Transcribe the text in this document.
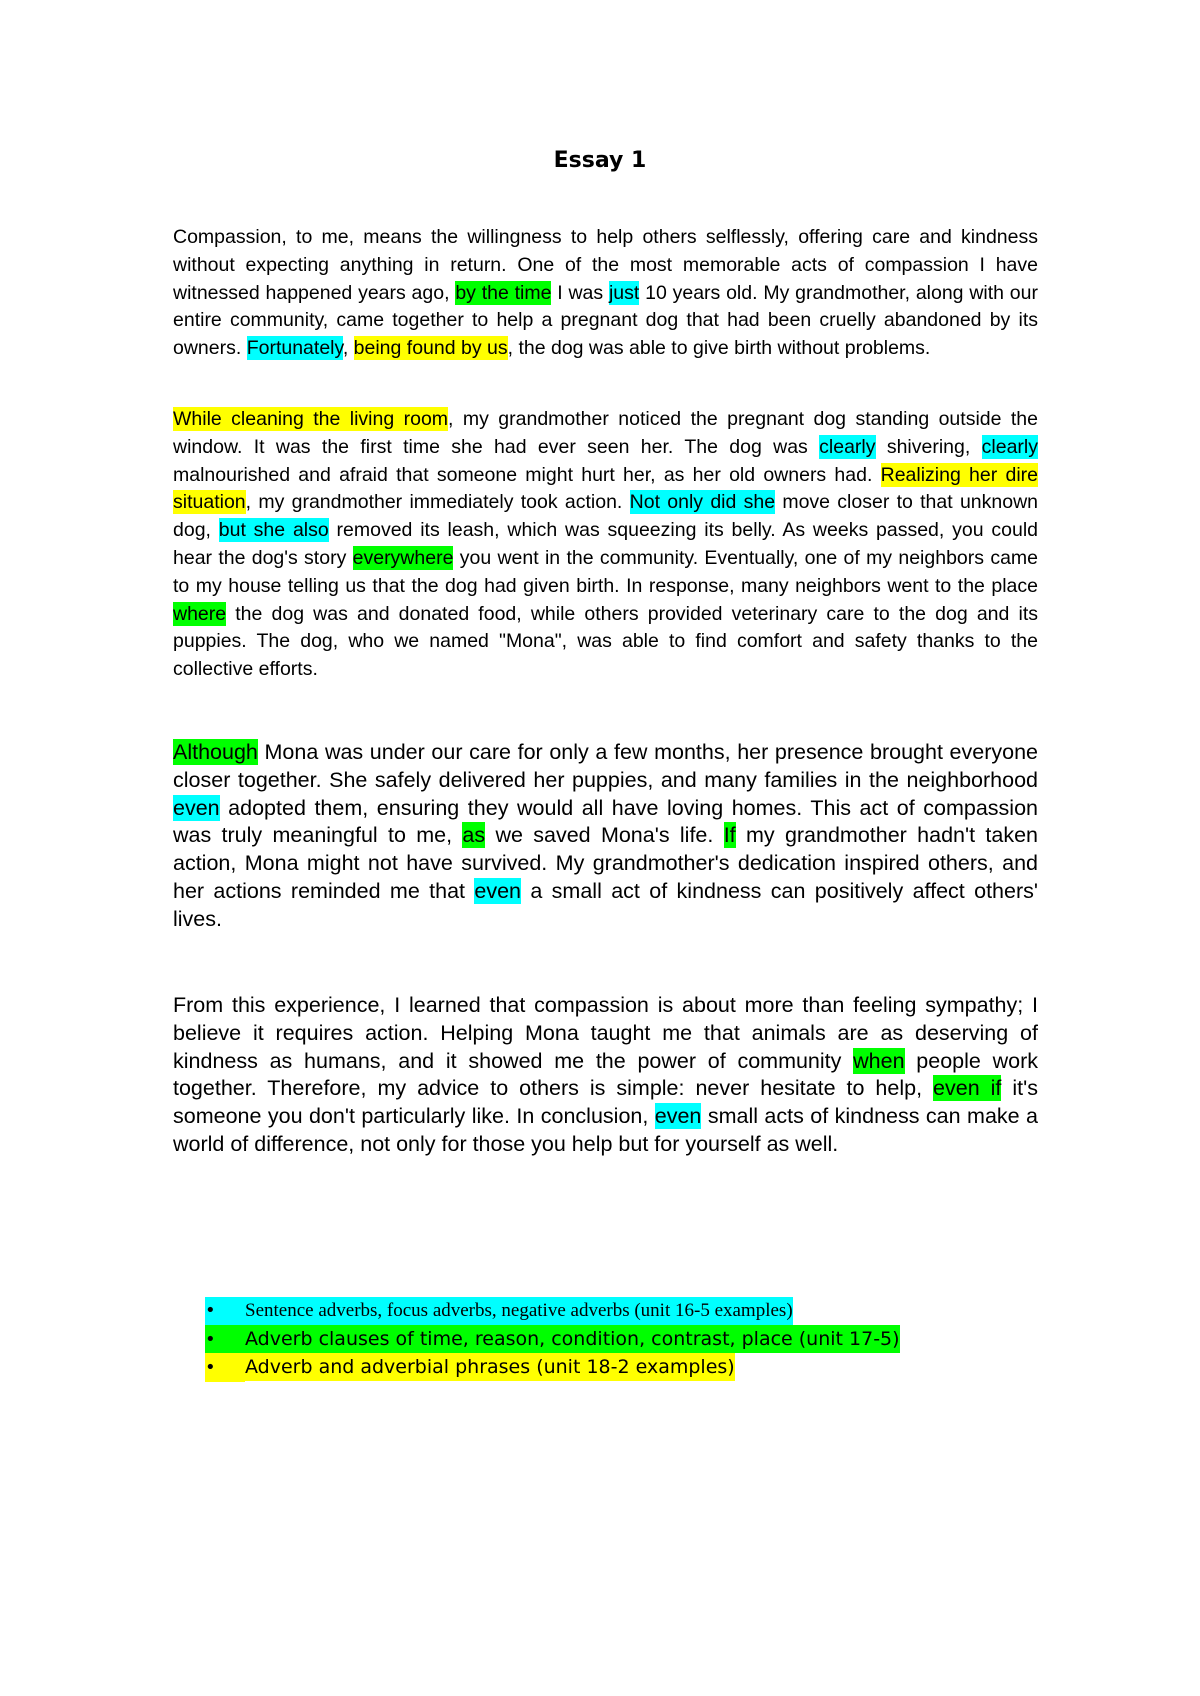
Essay 1
Compassion, to me, means the willingness to help others selflessly, offering care and kindness without expecting anything in return. One of the most memorable acts of compassion I have witnessed happened years ago, by the time I was just 10 years old. My grandmother, along with our entire community, came together to help a pregnant dog that had been cruelly abandoned by its owners. Fortunately, being found by us, the dog was able to give birth without problems.
While cleaning the living room, my grandmother noticed the pregnant dog standing outside the window. It was the first time she had ever seen her. The dog was clearly shivering, clearly malnourished and afraid that someone might hurt her, as her old owners had. Realizing her dire situation, my grandmother immediately took action. Not only did she move closer to that unknown dog, but she also removed its leash, which was squeezing its belly. As weeks passed, you could hear the dog's story everywhere you went in the community. Eventually, one of my neighbors came to my house telling us that the dog had given birth. In response, many neighbors went to the place where the dog was and donated food, while others provided veterinary care to the dog and its puppies. The dog, who we named "Mona", was able to find comfort and safety thanks to the collective efforts.
Although Mona was under our care for only a few months, her presence brought everyone closer together. She safely delivered her puppies, and many families in the neighborhood even adopted them, ensuring they would all have loving homes. This act of compassion was truly meaningful to me, as we saved Mona's life. If my grandmother hadn't taken action, Mona might not have survived. My grandmother's dedication inspired others, and her actions reminded me that even a small act of kindness can positively affect others' lives.
From this experience, I learned that compassion is about more than feeling sympathy; I believe it requires action. Helping Mona taught me that animals are as deserving of kindness as humans, and it showed me the power of community when people work together. Therefore, my advice to others is simple: never hesitate to help, even if it's someone you don't particularly like. In conclusion, even small acts of kindness can make a world of difference, not only for those you help but for yourself as well.
• Sentence adverbs, focus adverbs, negative adverbs (unit 16-5 examples)
• Adverb clauses of time, reason, condition, contrast, place (unit 17-5)
• Adverb and adverbial phrases (unit 18-2 examples)
